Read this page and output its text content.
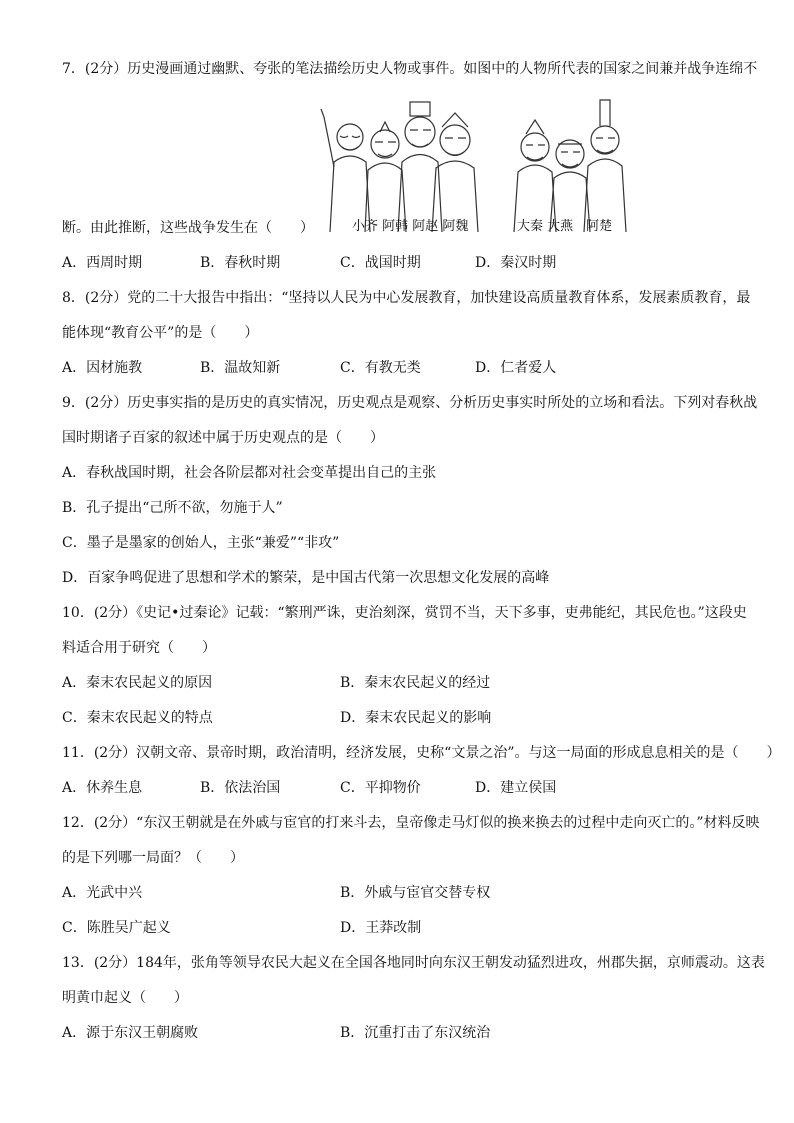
7．(2分）历史漫画通过幽默、夸张的笔法描绘历史人物或事件。如图中的人物所代表的国家之间兼并战争连绵不
断。由此推断，这些战争发生在（　　）	小齐 阿韩 阿赵 阿魏	大秦 大燕　阿楚
A．西周时期	B．春秋时期	C．战国时期	D．秦汉时期
8．(2分）党的二十大报告中指出：“坚持以人民为中心发展教育，加快建设高质量教育体系，发展素质教育，最
能体现“教育公平”的是（　　）
A．因材施教	B．温故知新	C．有教无类	D．仁者爱人
9．(2分）历史事实指的是历史的真实情况，历史观点是观察、分析历史事实时所处的立场和看法。下列对春秋战
国时期诸子百家的叙述中属于历史观点的是（　　）
A．春秋战国时期，社会各阶层都对社会变革提出自己的主张
B．孔子提出“己所不欲，勿施于人”
C．墨子是墨家的创始人，主张“兼爱”“非攻”
D．百家争鸣促进了思想和学术的繁荣，是中国古代第一次思想文化发展的高峰
10．(2分）《史记•过秦论》记载：“繁刑严诛，吏治刻深，赏罚不当，天下多事，吏弗能纪，其民危也。”这段史
料适合用于研究（　　）
A．秦末农民起义的原因	B．秦末农民起义的经过
C．秦末农民起义的特点	D．秦末农民起义的影响
11．(2分）汉朝文帝、景帝时期，政治清明，经济发展，史称“文景之治”。与这一局面的形成息息相关的是（　　）
A．休养生息	B．依法治国	C．平抑物价	D．建立侯国
12．(2分）“东汉王朝就是在外戚与宦官的打来斗去，皇帝像走马灯似的换来换去的过程中走向灭亡的。”材料反映
的是下列哪一局面？（　　）
A．光武中兴	B．外戚与宦官交替专权
C．陈胜吴广起义	D．王莽改制
13．(2分）184年，张角等领导农民大起义在全国各地同时向东汉王朝发动猛烈进攻，州郡失据，京师震动。这表
明黄巾起义（　　）
A．源于东汉王朝腐败	B．沉重打击了东汉统治
